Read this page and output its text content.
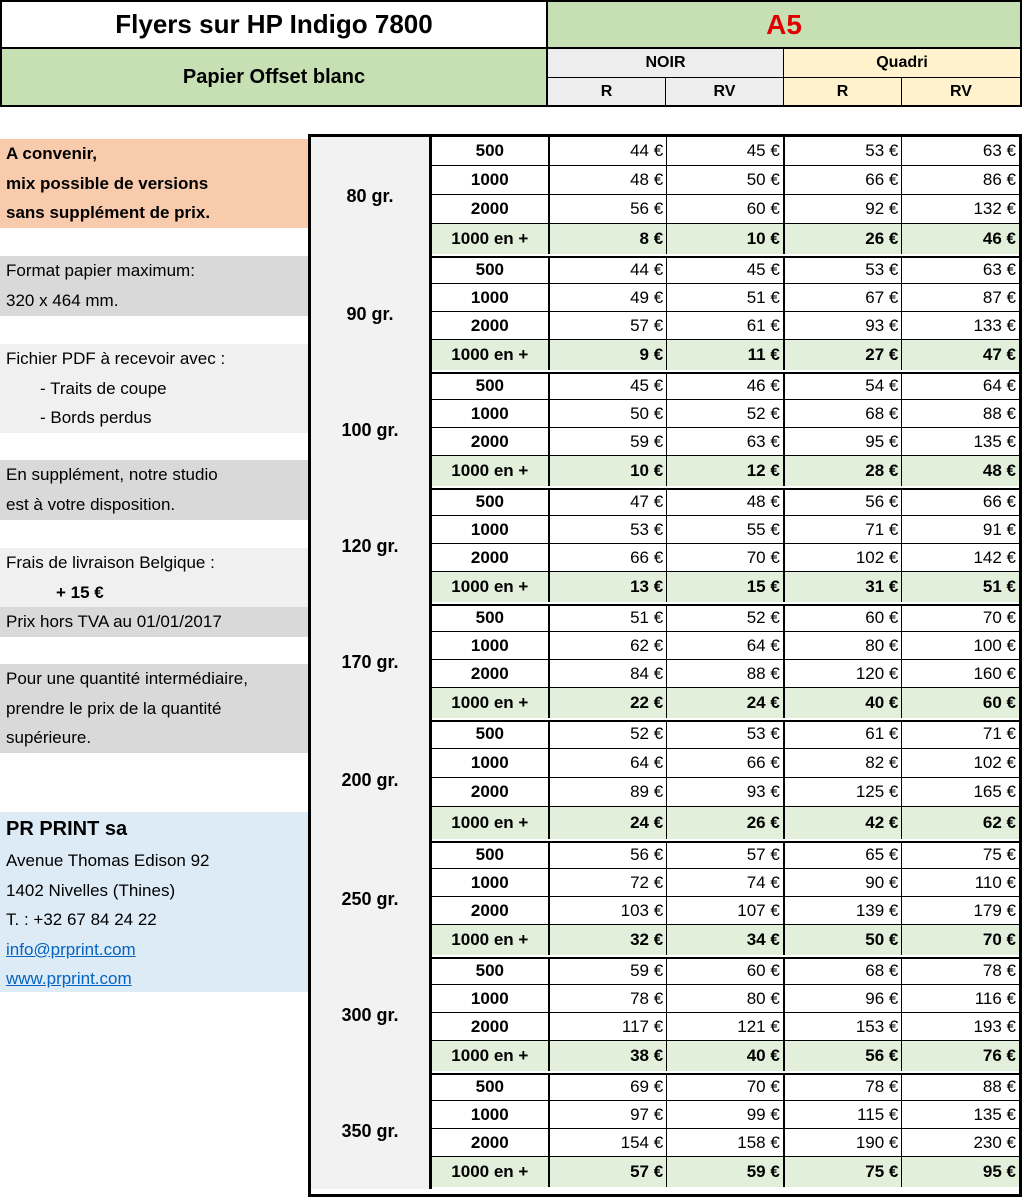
Flyers sur HP Indigo 7800	A5
Papier Offset blanc
NOIR	Quadri
R	RV	R	RV
A convenir,
mix possible de versions
sans supplément de prix.
Format papier maximum:
320 x 464 mm.
Fichier PDF à recevoir avec :
- Traits de coupe
- Bords perdus
En supplément, notre studio
est à votre disposition.
Frais de livraison Belgique :
+ 15 €
Prix hors TVA au 01/01/2017
Pour une quantité intermédiaire,
prendre le prix de la quantité
supérieure.
PR PRINT sa
Avenue Thomas Edison 92
1402 Nivelles (Thines)
T. : +32 67 84 24 22
info@prprint.com
www.prprint.com
80 gr.
500	44 €	45 €	53 €	63 €
1000	48 €	50 €	66 €	86 €
2000	56 €	60 €	92 €	132 €
1000 en +	8 €	10 €	26 €	46 €
90 gr.
500	44 €	45 €	53 €	63 €
1000	49 €	51 €	67 €	87 €
2000	57 €	61 €	93 €	133 €
1000 en +	9 €	11 €	27 €	47 €
100 gr.
500	45 €	46 €	54 €	64 €
1000	50 €	52 €	68 €	88 €
2000	59 €	63 €	95 €	135 €
1000 en +	10 €	12 €	28 €	48 €
120 gr.
500	47 €	48 €	56 €	66 €
1000	53 €	55 €	71 €	91 €
2000	66 €	70 €	102 €	142 €
1000 en +	13 €	15 €	31 €	51 €
170 gr.
500	51 €	52 €	60 €	70 €
1000	62 €	64 €	80 €	100 €
2000	84 €	88 €	120 €	160 €
1000 en +	22 €	24 €	40 €	60 €
200 gr.
500	52 €	53 €	61 €	71 €
1000	64 €	66 €	82 €	102 €
2000	89 €	93 €	125 €	165 €
1000 en +	24 €	26 €	42 €	62 €
250 gr.
500	56 €	57 €	65 €	75 €
1000	72 €	74 €	90 €	110 €
2000	103 €	107 €	139 €	179 €
1000 en +	32 €	34 €	50 €	70 €
300 gr.
500	59 €	60 €	68 €	78 €
1000	78 €	80 €	96 €	116 €
2000	117 €	121 €	153 €	193 €
1000 en +	38 €	40 €	56 €	76 €
350 gr.
500	69 €	70 €	78 €	88 €
1000	97 €	99 €	115 €	135 €
2000	154 €	158 €	190 €	230 €
1000 en +	57 €	59 €	75 €	95 €
